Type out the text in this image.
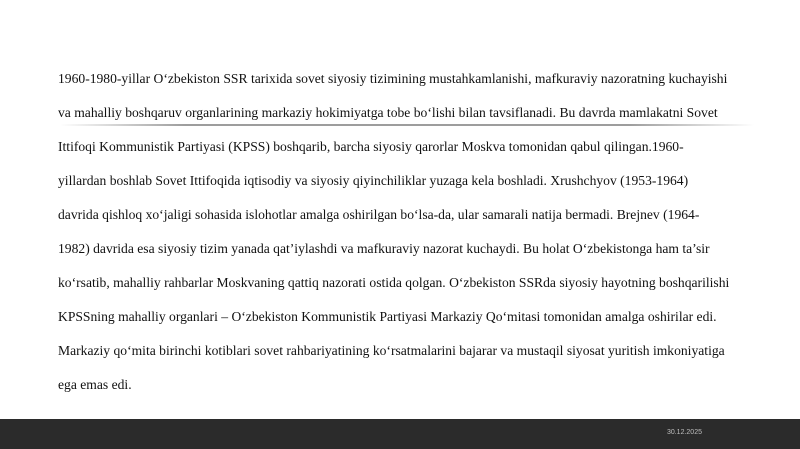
1960-1980-yillar O‘zbekiston SSR tarixida sovet siyosiy tizimining mustahkamlanishi, mafkuraviy nazoratning kuchayishi
va mahalliy boshqaruv organlarining markaziy hokimiyatga tobe bo‘lishi bilan tavsiflanadi. Bu davrda mamlakatni Sovet
Ittifoqi Kommunistik Partiyasi (KPSS) boshqarib, barcha siyosiy qarorlar Moskva tomonidan qabul qilingan.1960-
yillardan boshlab Sovet Ittifoqida iqtisodiy va siyosiy qiyinchiliklar yuzaga kela boshladi. Xrushchyov (1953-1964)
davrida qishloq xo‘jaligi sohasida islohotlar amalga oshirilgan bo‘lsa-da, ular samarali natija bermadi. Brejnev (1964-
1982) davrida esa siyosiy tizim yanada qat’iylashdi va mafkuraviy nazorat kuchaydi. Bu holat O‘zbekistonga ham ta’sir
ko‘rsatib, mahalliy rahbarlar Moskvaning qattiq nazorati ostida qolgan. O‘zbekiston SSRda siyosiy hayotning boshqarilishi
KPSSning mahalliy organlari – O‘zbekiston Kommunistik Partiyasi Markaziy Qo‘mitasi tomonidan amalga oshirilar edi.
Markaziy qo‘mita birinchi kotiblari sovet rahbariyatining ko‘rsatmalarini bajarar va mustaqil siyosat yuritish imkoniyatiga
ega emas edi.

30.12.2025
